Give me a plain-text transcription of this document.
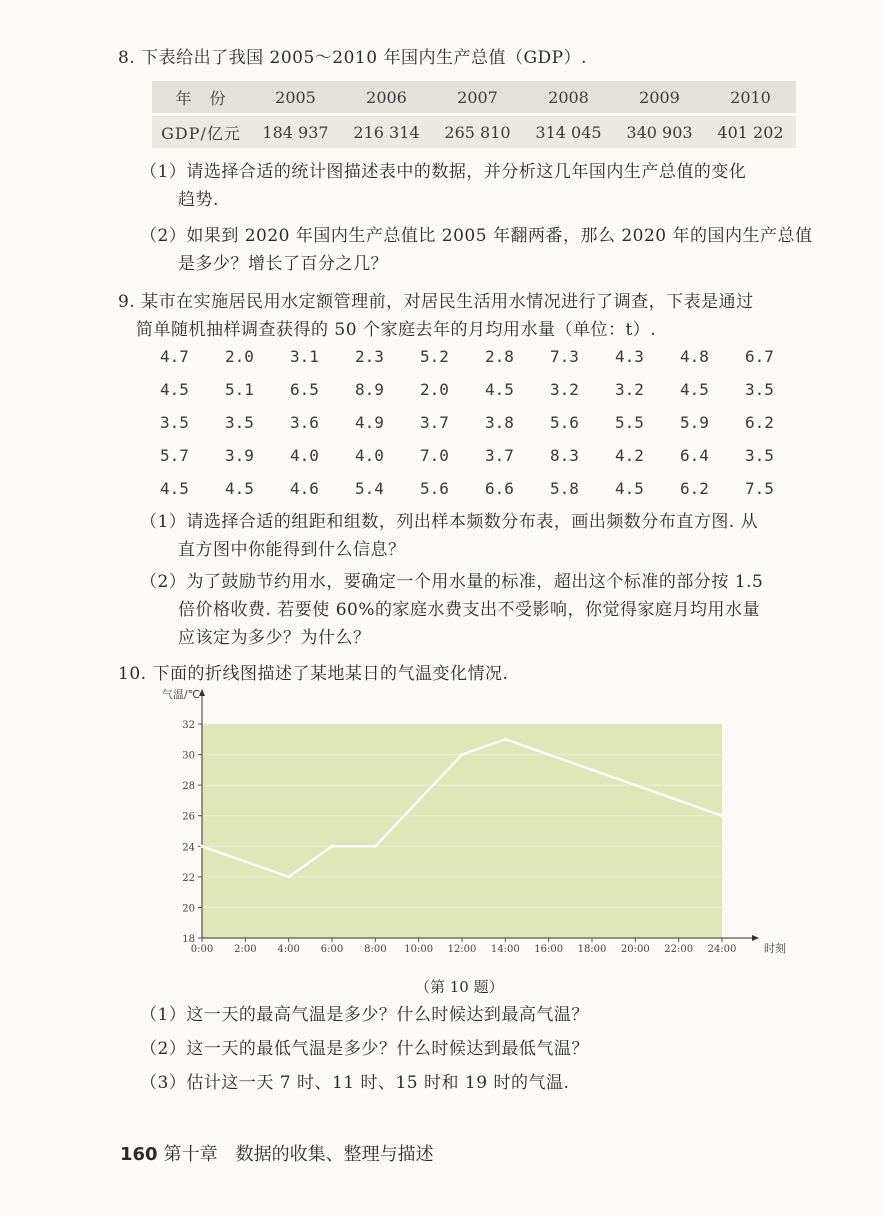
8. 下表给出了我国 2005～2010 年国内生产总值（GDP）.
年　份	2005	2006	2007	2008	2009	2010
GDP/亿元	184 937	216 314	265 810	314 045	340 903	401 202
（1）请选择合适的统计图描述表中的数据，并分析这几年国内生产总值的变化
趋势.
（2）如果到 2020 年国内生产总值比 2005 年翻两番，那么 2020 年的国内生产总值
是多少？增长了百分之几？
9. 某市在实施居民用水定额管理前，对居民生活用水情况进行了调查，下表是通过
简单随机抽样调查获得的 50 个家庭去年的月均用水量（单位：t）.
4.7	2.0	3.1	2.3	5.2	2.8	7.3	4.3	4.8	6.7
4.5	5.1	6.5	8.9	2.0	4.5	3.2	3.2	4.5	3.5
3.5	3.5	3.6	4.9	3.7	3.8	5.6	5.5	5.9	6.2
5.7	3.9	4.0	4.0	7.0	3.7	8.3	4.2	6.4	3.5
4.5	4.5	4.6	5.4	5.6	6.6	5.8	4.5	6.2	7.5
（1）请选择合适的组距和组数，列出样本频数分布表，画出频数分布直方图. 从
直方图中你能得到什么信息？
（2）为了鼓励节约用水，要确定一个用水量的标准，超出这个标准的部分按 1.5
倍价格收费. 若要使 60%的家庭水费支出不受影响，你觉得家庭月均用水量
应该定为多少？为什么？
10. 下面的折线图描述了某地某日的气温变化情况.
18
20
22
24
26
28
30
32
0:00 2:00 4:00 6:00 8:00 10:00 12:00 14:00 16:00 18:00 20:00 22:00 24:00	时刻
气温/℃
（第 10 题）
（1）这一天的最高气温是多少？什么时候达到最高气温？
（2）这一天的最低气温是多少？什么时候达到最低气温？
（3）估计这一天 7 时、11 时、15 时和 19 时的气温.
160 第十章　数据的收集、整理与描述
